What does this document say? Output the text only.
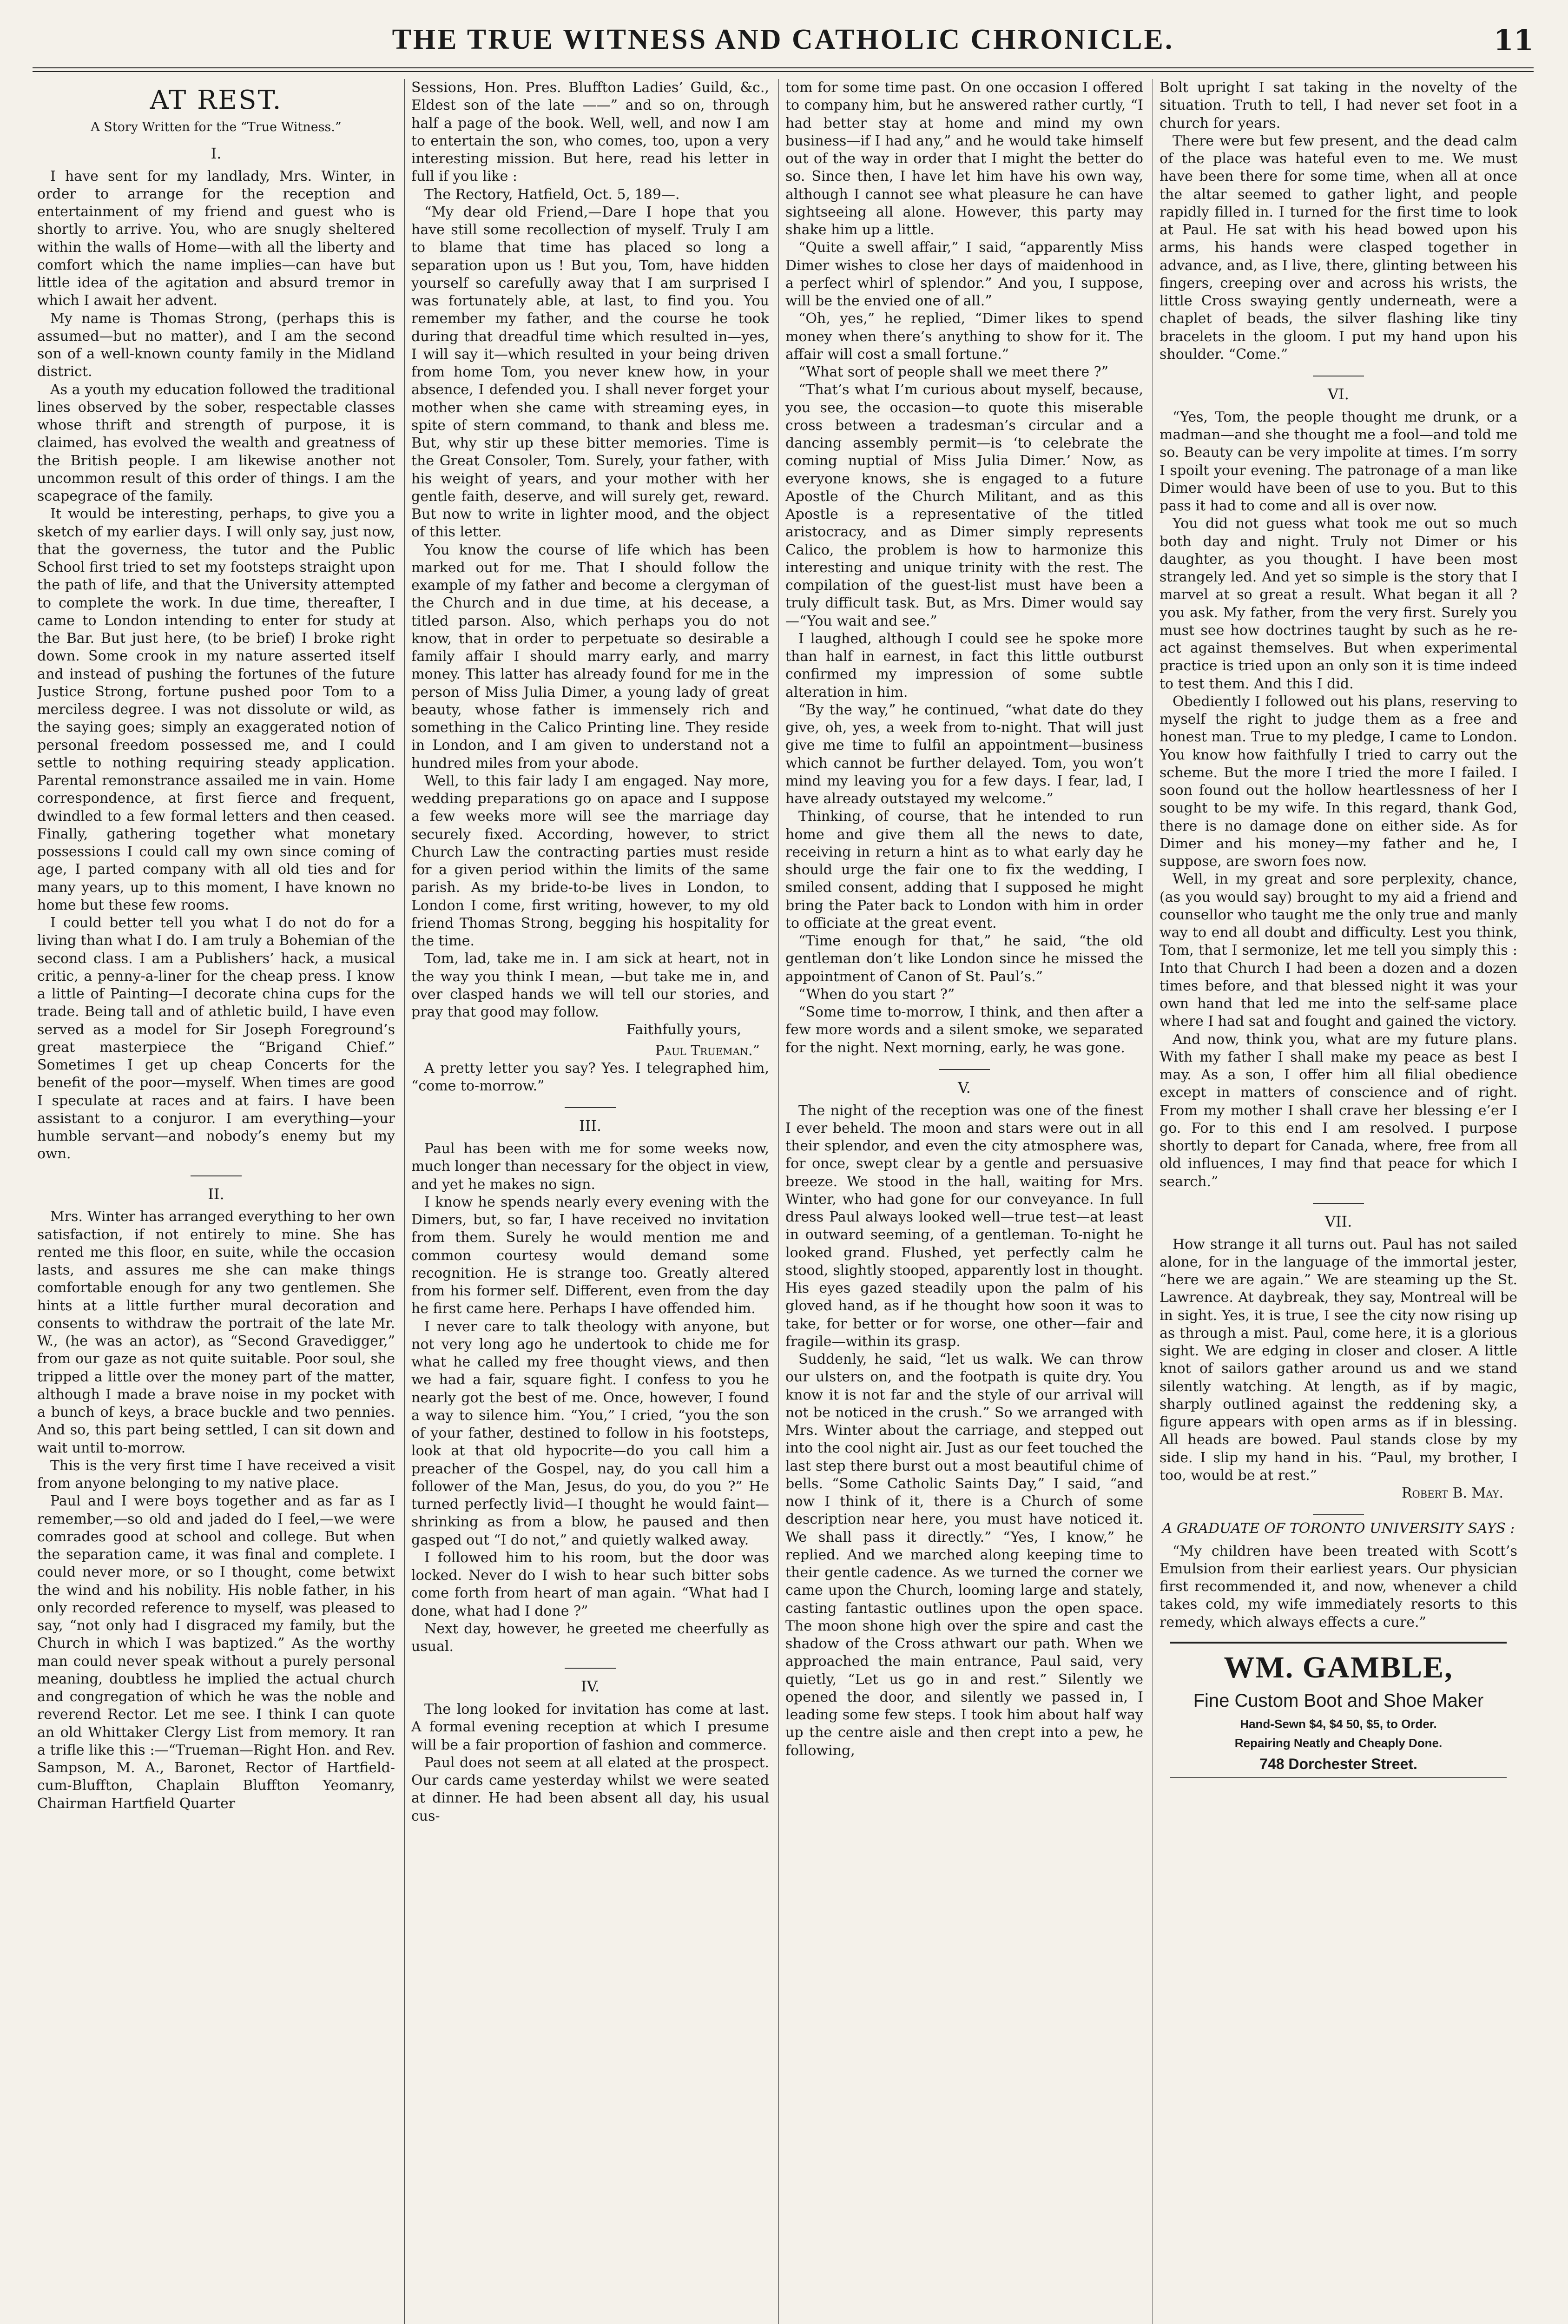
THE TRUE WITNESS AND CATHOLIC CHRONICLE.	11
AT REST.
A Story Written for the “True Witness.”
I.

I have sent for my landlady, Mrs. Winter, in order to arrange for the reception and entertainment of my friend and guest who is shortly to arrive. You, who are snugly sheltered within the walls of Home—with all the liberty and comfort which the name implies—can have but little idea of the agitation and absurd tremor in which I await her advent.

My name is Thomas Strong, (perhaps this is assumed—but no matter), and I am the second son of a well-known county family in the Midland district.

As a youth my education followed the traditional lines observed by the sober, respectable classes whose thrift and strength of purpose, it is claimed, has evolved the wealth and greatness of the British people. I am likewise another not uncommon result of this order of things. I am the scapegrace of the family.

It would be interesting, perhaps, to give you a sketch of my earlier days. I will only say, just now, that the governess, the tutor and the Public School first tried to set my footsteps straight upon the path of life, and that the University attempted to complete the work. In due time, thereafter, I came to London intending to enter for study at the Bar. But just here, (to be brief) I broke right down. Some crook in my nature asserted itself and instead of pushing the fortunes of the future Justice Strong, fortune pushed poor Tom to a merciless degree. I was not dissolute or wild, as the saying goes; simply an exaggerated notion of personal freedom possessed me, and I could settle to nothing requiring steady application. Parental remonstrance assailed me in vain. Home correspondence, at first fierce and frequent, dwindled to a few formal letters and then ceased. Finally, gathering together what monetary possessions I could call my own since coming of age, I parted company with all old ties and for many years, up to this moment, I have known no home but these few rooms.

I could better tell you what I do not do for a living than what I do. I am truly a Bohemian of the second class. I am a Publishers’ hack, a musical critic, a penny-a-liner for the cheap press. I know a little of Painting—I decorate china cups for the trade. Being tall and of athletic build, I have even served as a model for Sir Joseph Foreground’s great masterpiece the “Brigand Chief.” Sometimes I get up cheap Concerts for the benefit of the poor—myself. When times are good I speculate at races and at fairs. I have been assistant to a conjuror. I am everything—your humble servant—and nobody’s enemy but my own.

II.

Mrs. Winter has arranged everything to her own satisfaction, if not entirely to mine. She has rented me this floor, en suite, while the occasion lasts, and assures me she can make things comfortable enough for any two gentlemen. She hints at a little further mural decoration and consents to withdraw the portrait of the late Mr. W., (he was an actor), as “Second Gravedigger,” from our gaze as not quite suitable. Poor soul, she tripped a little over the money part of the matter, although I made a brave noise in my pocket with a bunch of keys, a brace buckle and two pennies. And so, this part being settled, I can sit down and wait until to-morrow.

This is the very first time I have received a visit from anyone belonging to my native place.

Paul and I were boys together and as far as I remember,—so old and jaded do I feel,—we were comrades good at school and college. But when the separation came, it was final and complete. I could never more, or so I thought, come betwixt the wind and his nobility. His noble father, in his only recorded reference to myself, was pleased to say, “not only had I disgraced my family, but the Church in which I was baptized.” As the worthy man could never speak without a purely personal meaning, doubtless he implied the actual church and congregation of which he was the noble and reverend Rector. Let me see. I think I can quote an old Whittaker Clergy List from memory. It ran a trifle like this :—“Trueman—Right Hon. and Rev. Sampson, M. A., Baronet, Rector of Hartfield-cum-Bluffton, Chaplain Bluffton Yeomanry, Chairman Hartfield Quarter

Sessions, Hon. Pres. Bluffton Ladies’ Guild, &c., Eldest son of the late ——” and so on, through half a page of the book. Well, well, and now I am to entertain the son, who comes, too, upon a very interesting mission. But here, read his letter in full if you like :

The Rectory, Hatfield, Oct. 5, 189—.

“My dear old Friend,—Dare I hope that you have still some recollection of myself. Truly I am to blame that time has placed so long a separation upon us ! But you, Tom, have hidden yourself so carefully away that I am surprised I was fortunately able, at last, to find you. You remember my father, and the course he took during that dreadful time which resulted in—yes, I will say it—which resulted in your being driven from home Tom, you never knew how, in your absence, I defended you. I shall never forget your mother when she came with streaming eyes, in spite of stern command, to thank and bless me. But, why stir up these bitter memories. Time is the Great Consoler, Tom. Surely, your father, with his weight of years, and your mother with her gentle faith, deserve, and will surely get, reward. But now to write in lighter mood, and the object of this letter.

You know the course of life which has been marked out for me. That I should follow the example of my father and become a clergyman of the Church and in due time, at his decease, a titled parson. Also, which perhaps you do not know, that in order to perpetuate so desirable a family affair I should marry early, and marry money. This latter has already found for me in the person of Miss Julia Dimer, a young lady of great beauty, whose father is immensely rich and something in the Calico Printing line. They reside in London, and I am given to understand not a hundred miles from your abode.

Well, to this fair lady I am engaged. Nay more, wedding preparations go on apace and I suppose a few weeks more will see the marriage day securely fixed. According, however, to strict Church Law the contracting parties must reside for a given period within the limits of the same parish. As my bride-to-be lives in London, to London I come, first writing, however, to my old friend Thomas Strong, begging his hospitality for the time.

Tom, lad, take me in. I am sick at heart, not in the way you think I mean, —but take me in, and over clasped hands we will tell our stories, and pray that good may follow.

Faithfully yours,

Paul Trueman.”

A pretty letter you say? Yes. I telegraphed him, “come to-morrow.”

III.

Paul has been with me for some weeks now, much longer than necessary for the object in view, and yet he makes no sign.

I know he spends nearly every evening with the Dimers, but, so far, I have received no invitation from them. Surely he would mention me and common courtesy would demand some recognition. He is strange too. Greatly altered from his former self. Different, even from the day he first came here. Perhaps I have offended him.

I never care to talk theology with anyone, but not very long ago he undertook to chide me for what he called my free thought views, and then we had a fair, square fight. I confess to you he nearly got the best of me. Once, however, I found a way to silence him. “You,” I cried, “you the son of your father, destined to follow in his footsteps, look at that old hypocrite—do you call him a preacher of the Gospel, nay, do you call him a follower of the Man, Jesus, do you, do you ?” He turned perfectly livid—I thought he would faint—shrinking as from a blow, he paused and then gasped out “I do not,” and quietly walked away.

I followed him to his room, but the door was locked. Never do I wish to hear such bitter sobs come forth from heart of man again. “What had I done, what had I done ?”

Next day, however, he greeted me cheerfully as usual.

IV.

The long looked for invitation has come at last. A formal evening reception at which I presume will be a fair proportion of fashion and commerce.

Paul does not seem at all elated at the prospect. Our cards came yesterday whilst we were seated at dinner. He had been absent all day, his usual cus-

tom for some time past. On one occasion I offered to company him, but he answered rather curtly, “I had better stay at home and mind my own business—if I had any,” and he would take himself out of the way in order that I might the better do so. Since then, I have let him have his own way, although I cannot see what pleasure he can have sightseeing all alone. However, this party may shake him up a little.

“Quite a swell affair,” I said, “apparently Miss Dimer wishes to close her days of maidenhood in a perfect whirl of splendor.” And you, I suppose, will be the envied one of all.”

“Oh, yes,” he replied, “Dimer likes to spend money when there’s anything to show for it. The affair will cost a small fortune.”

“What sort of people shall we meet there ?”

“That’s what I’m curious about myself, because, you see, the occasion—to quote this miserable cross between a tradesman’s circular and a dancing assembly permit—is ‘to celebrate the coming nuptial of Miss Julia Dimer.’ Now, as everyone knows, she is engaged to a future Apostle of the Church Militant, and as this Apostle is a representative of the titled aristocracy, and as Dimer simply represents Calico, the problem is how to harmonize this interesting and unique trinity with the rest. The compilation of the guest-list must have been a truly difficult task. But, as Mrs. Dimer would say—“You wait and see.”

I laughed, although I could see he spoke more than half in earnest, in fact this little outburst confirmed my impression of some subtle alteration in him.

“By the way,” he continued, “what date do they give, oh, yes, a week from to-night. That will just give me time to fulfil an appointment—business which cannot be further delayed. Tom, you won’t mind my leaving you for a few days. I fear, lad, I have already outstayed my welcome.”

Thinking, of course, that he intended to run home and give them all the news to date, receiving in return a hint as to what early day he should urge the fair one to fix the wedding, I smiled consent, adding that I supposed he might bring the Pater back to London with him in order to officiate at the great event.

“Time enough for that,” he said, “the old gentleman don’t like London since he missed the appointment of Canon of St. Paul’s.”

“When do you start ?”

“Some time to-morrow, I think, and then after a few more words and a silent smoke, we separated for the night. Next morning, early, he was gone.

V.

The night of the reception was one of the finest I ever beheld. The moon and stars were out in all their splendor, and even the city atmosphere was, for once, swept clear by a gentle and persuasive breeze. We stood in the hall, waiting for Mrs. Winter, who had gone for our conveyance. In full dress Paul always looked well—true test—at least in outward seeming, of a gentleman. To-night he looked grand. Flushed, yet perfectly calm he stood, slightly stooped, apparently lost in thought. His eyes gazed steadily upon the palm of his gloved hand, as if he thought how soon it was to take, for better or for worse, one other—fair and fragile—within its grasp.

Suddenly, he said, “let us walk. We can throw our ulsters on, and the footpath is quite dry. You know it is not far and the style of our arrival will not be noticed in the crush.” So we arranged with Mrs. Winter about the carriage, and stepped out into the cool night air. Just as our feet touched the last step there burst out a most beautiful chime of bells. “Some Catholic Saints Day,” I said, “and now I think of it, there is a Church of some description near here, you must have noticed it. We shall pass it directly.” “Yes, I know,” he replied. And we marched along keeping time to their gentle cadence. As we turned the corner we came upon the Church, looming large and stately, casting fantastic outlines upon the open space. The moon shone high over the spire and cast the shadow of the Cross athwart our path. When we approached the main entrance, Paul said, very quietly, “Let us go in and rest.” Silently we opened the door, and silently we passed in, I leading some few steps. I took him about half way up the centre aisle and then crept into a pew, he following,

Bolt upright I sat taking in the novelty of the situation. Truth to tell, I had never set foot in a church for years.

There were but few present, and the dead calm of the place was hateful even to me. We must have been there for some time, when all at once the altar seemed to gather light, and people rapidly filled in. I turned for the first time to look at Paul. He sat with his head bowed upon his arms, his hands were clasped together in advance, and, as I live, there, glinting between his fingers, creeping over and across his wrists, the little Cross swaying gently underneath, were a chaplet of beads, the silver flashing like tiny bracelets in the gloom. I put my hand upon his shoulder. “Come.”

VI.

“Yes, Tom, the people thought me drunk, or a madman—and she thought me a fool—and told me so. Beauty can be very impolite at times. I’m sorry I spoilt your evening. The patronage of a man like Dimer would have been of use to you. But to this pass it had to come and all is over now.

You did not guess what took me out so much both day and night. Truly not Dimer or his daughter, as you thought. I have been most strangely led. And yet so simple is the story that I marvel at so great a result. What began it all ? you ask. My father, from the very first. Surely you must see how doctrines taught by such as he re-act against themselves. But when experimental practice is tried upon an only son it is time indeed to test them. And this I did.

Obediently I followed out his plans, reserving to myself the right to judge them as a free and honest man. True to my pledge, I came to London. You know how faithfully I tried to carry out the scheme. But the more I tried the more I failed. I soon found out the hollow heartlessness of her I sought to be my wife. In this regard, thank God, there is no damage done on either side. As for Dimer and his money—my father and he, I suppose, are sworn foes now.

Well, in my great and sore perplexity, chance, (as you would say) brought to my aid a friend and counsellor who taught me the only true and manly way to end all doubt and difficulty. Lest you think, Tom, that I sermonize, let me tell you simply this : Into that Church I had been a dozen and a dozen times before, and that blessed night it was your own hand that led me into the self-same place where I had sat and fought and gained the victory.

And now, think you, what are my future plans. With my father I shall make my peace as best I may. As a son, I offer him all filial obedience except in matters of conscience and of right. From my mother I shall crave her blessing e’er I go. For to this end I am resolved. I purpose shortly to depart for Canada, where, free from all old influences, I may find that peace for which I search.”

VII.

How strange it all turns out. Paul has not sailed alone, for in the language of the immortal jester, “here we are again.” We are steaming up the St. Lawrence. At daybreak, they say, Montreal will be in sight. Yes, it is true, I see the city now rising up as through a mist. Paul, come here, it is a glorious sight. We are edging in closer and closer. A little knot of sailors gather around us and we stand silently watching. At length, as if by magic, sharply outlined against the reddening sky, a figure appears with open arms as if in blessing. All heads are bowed. Paul stands close by my side. I slip my hand in his. “Paul, my brother, I too, would be at rest.”

Robert B. May.

A GRADUATE OF TORONTO UNIVERSITY SAYS :

“My children have been treated with Scott’s Emulsion from their earliest years. Our physician first recommended it, and now, whenever a child takes cold, my wife immediately resorts to this remedy, which always effects a cure.”

WM. GAMBLE,
Fine Custom Boot and Shoe Maker
Hand-Sewn $4, $4 50, $5, to Order.
Repairing Neatly and Cheaply Done.
748 Dorchester Street.
